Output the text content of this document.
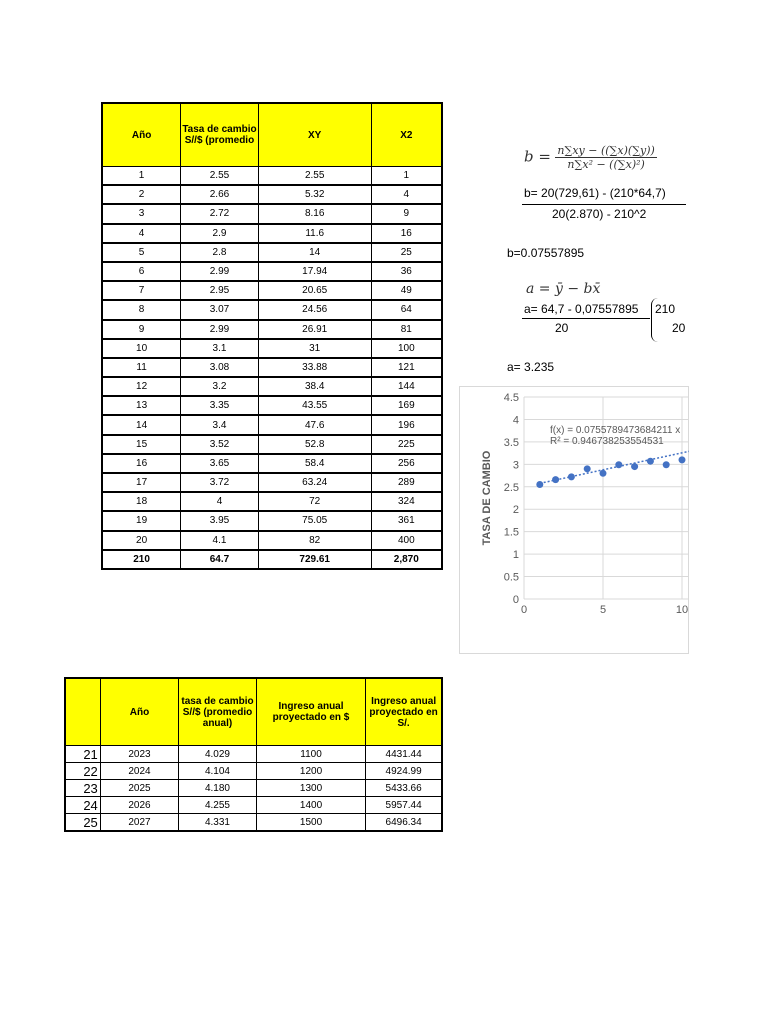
Año	Tasa de cambio S//$ (promedio	XY	X2
1	2.55	2.55	1
2	2.66	5.32	4
3	2.72	8.16	9
4	2.9	11.6	16
5	2.8	14	25
6	2.99	17.94	36
7	2.95	20.65	49
8	3.07	24.56	64
9	2.99	26.91	81
10	3.1	31	100
11	3.08	33.88	121
12	3.2	38.4	144
13	3.35	43.55	169
14	3.4	47.6	196
15	3.52	52.8	225
16	3.65	58.4	256
17	3.72	63.24	289
18	4	72	324
19	3.95	75.05	361
20	4.1	82	400
210	64.7	729.61	2,870
$b = \frac{n\sum xy - ((\sum x)(\sum y))}{\text{n∑x² − ((∑x)²)}}$
b= 20(729,61) - (210*64,7)
20(2.870) - 210^2
b=0.07557895
a = ȳ − bx̄
a= 64,7 - 0,07557895 210
20	20
a= 3.235
0
0.5
1
1.5
2
2.5
3
3.5
4
4.5
0	5	10
TASA DE CAMBIO
f(x) = 0.0755789473684211 x
R² = 0.946738253554531
	Año	tasa de cambio S//$ (promedio anual)	Ingreso anual proyectado en $	Ingreso anual proyectado en S/.
21	2023	4.029	1100	4431.44
22	2024	4.104	1200	4924.99
23	2025	4.180	1300	5433.66
24	2026	4.255	1400	5957.44
25	2027	4.331	1500	6496.34
